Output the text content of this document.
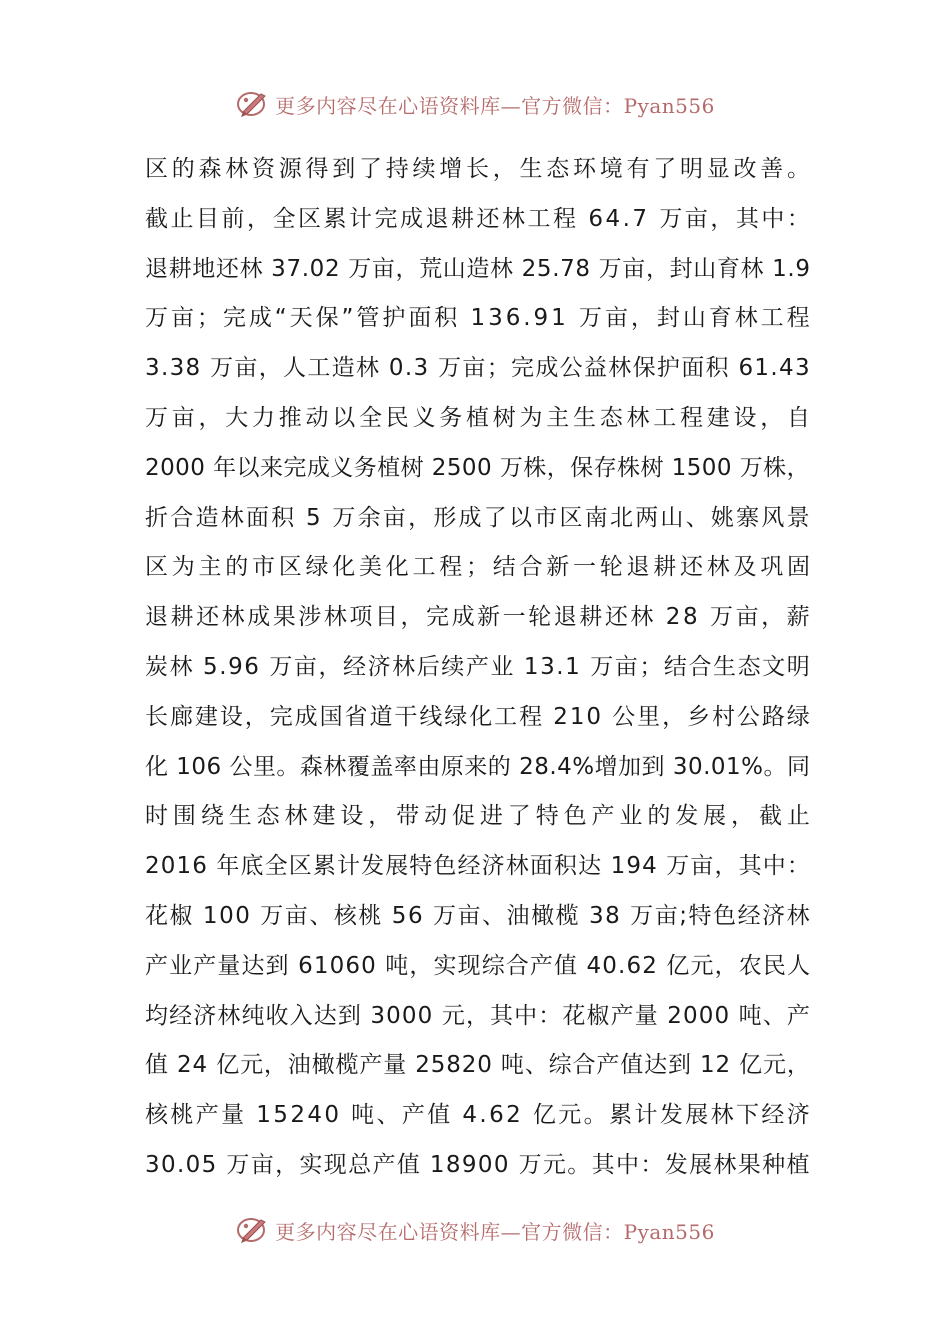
更多内容尽在心语资料库—官方微信：Pyan556
区 的 森 林 资 源 得 到 了 持 续 增 长 ， 生 态 环 境 有 了 明 显 改 善 。
截 止 目 前 ， 全 区 累 计 完 成 退 耕 还 林 工 程
6 4 . 7
万 亩 ， 其 中 ：
退 耕 地 还 林
3 7 . 0 2
万 亩 ， 荒 山 造 林
2 5 . 7 8
万 亩 ， 封 山 育 林
1 . 9
万 亩 ； 完 成 “ 天 保 ” 管 护 面 积
1 3 6 . 9 1
万 亩 ， 封 山 育 林 工 程
3 . 3 8
万 亩 ， 人 工 造 林
0 . 3
万 亩 ； 完 成 公 益 林 保 护 面 积
6 1 . 4 3
万 亩 ， 大 力 推 动 以 全 民 义 务 植 树 为 主 生 态 林 工 程 建 设 ， 自
2 0 0 0
年 以 来 完 成 义 务 植 树
2 5 0 0
万 株 ， 保 存 株 树
1 5 0 0
万 株 ，
折 合 造 林 面 积
5
万 余 亩 ， 形 成 了 以 市 区 南 北 两 山 、 姚 寨 风 景
区 为 主 的 市 区 绿 化 美 化 工 程 ； 结 合 新 一 轮 退 耕 还 林 及 巩 固
退 耕 还 林 成 果 涉 林 项 目 ， 完 成 新 一 轮 退 耕 还 林
2 8
万 亩 ， 薪
炭 林
5 . 9 6
万 亩 ， 经 济 林 后 续 产 业
1 3 . 1
万 亩 ； 结 合 生 态 文 明
长 廊 建 设 ， 完 成 国 省 道 干 线 绿 化 工 程
2 1 0
公 里 ， 乡 村 公 路 绿
化
1 0 6
公 里 。 森 林 覆 盖 率 由 原 来 的
2 8 . 4 % 增 加 到
3 0 . 0 1 % 。 同
时 围 绕 生 态 林 建 设 ， 带 动 促 进 了 特 色 产 业 的 发 展 ， 截 止
2 0 1 6
年 底 全 区 累 计 发 展 特 色 经 济 林 面 积 达
1 9 4
万 亩 ， 其 中 ：
花 椒
1 0 0
万 亩 、 核 桃
5 6
万 亩 、 油 橄 榄
3 8
万 亩 ; 特 色 经 济 林
产 业 产 量 达 到
6 1 0 6 0
吨 ， 实 现 综 合 产 值
4 0 . 6 2
亿 元 ， 农 民 人
均 经 济 林 纯 收 入 达 到
3 0 0 0
元 ， 其 中 ： 花 椒 产 量
2 0 0 0
吨 、 产
值
2 4
亿 元 ， 油 橄 榄 产 量
2 5 8 2 0
吨 、 综 合 产 值 达 到
1 2
亿 元 ，
核 桃 产 量
1 5 2 4 0
吨 、 产 值
4 . 6 2
亿 元 。 累 计 发 展 林 下 经 济
3 0 . 0 5
万 亩 ， 实 现 总 产 值
1 8 9 0 0
万 元 。 其 中 ： 发 展 林 果 种 植
更多内容尽在心语资料库—官方微信：Pyan556
